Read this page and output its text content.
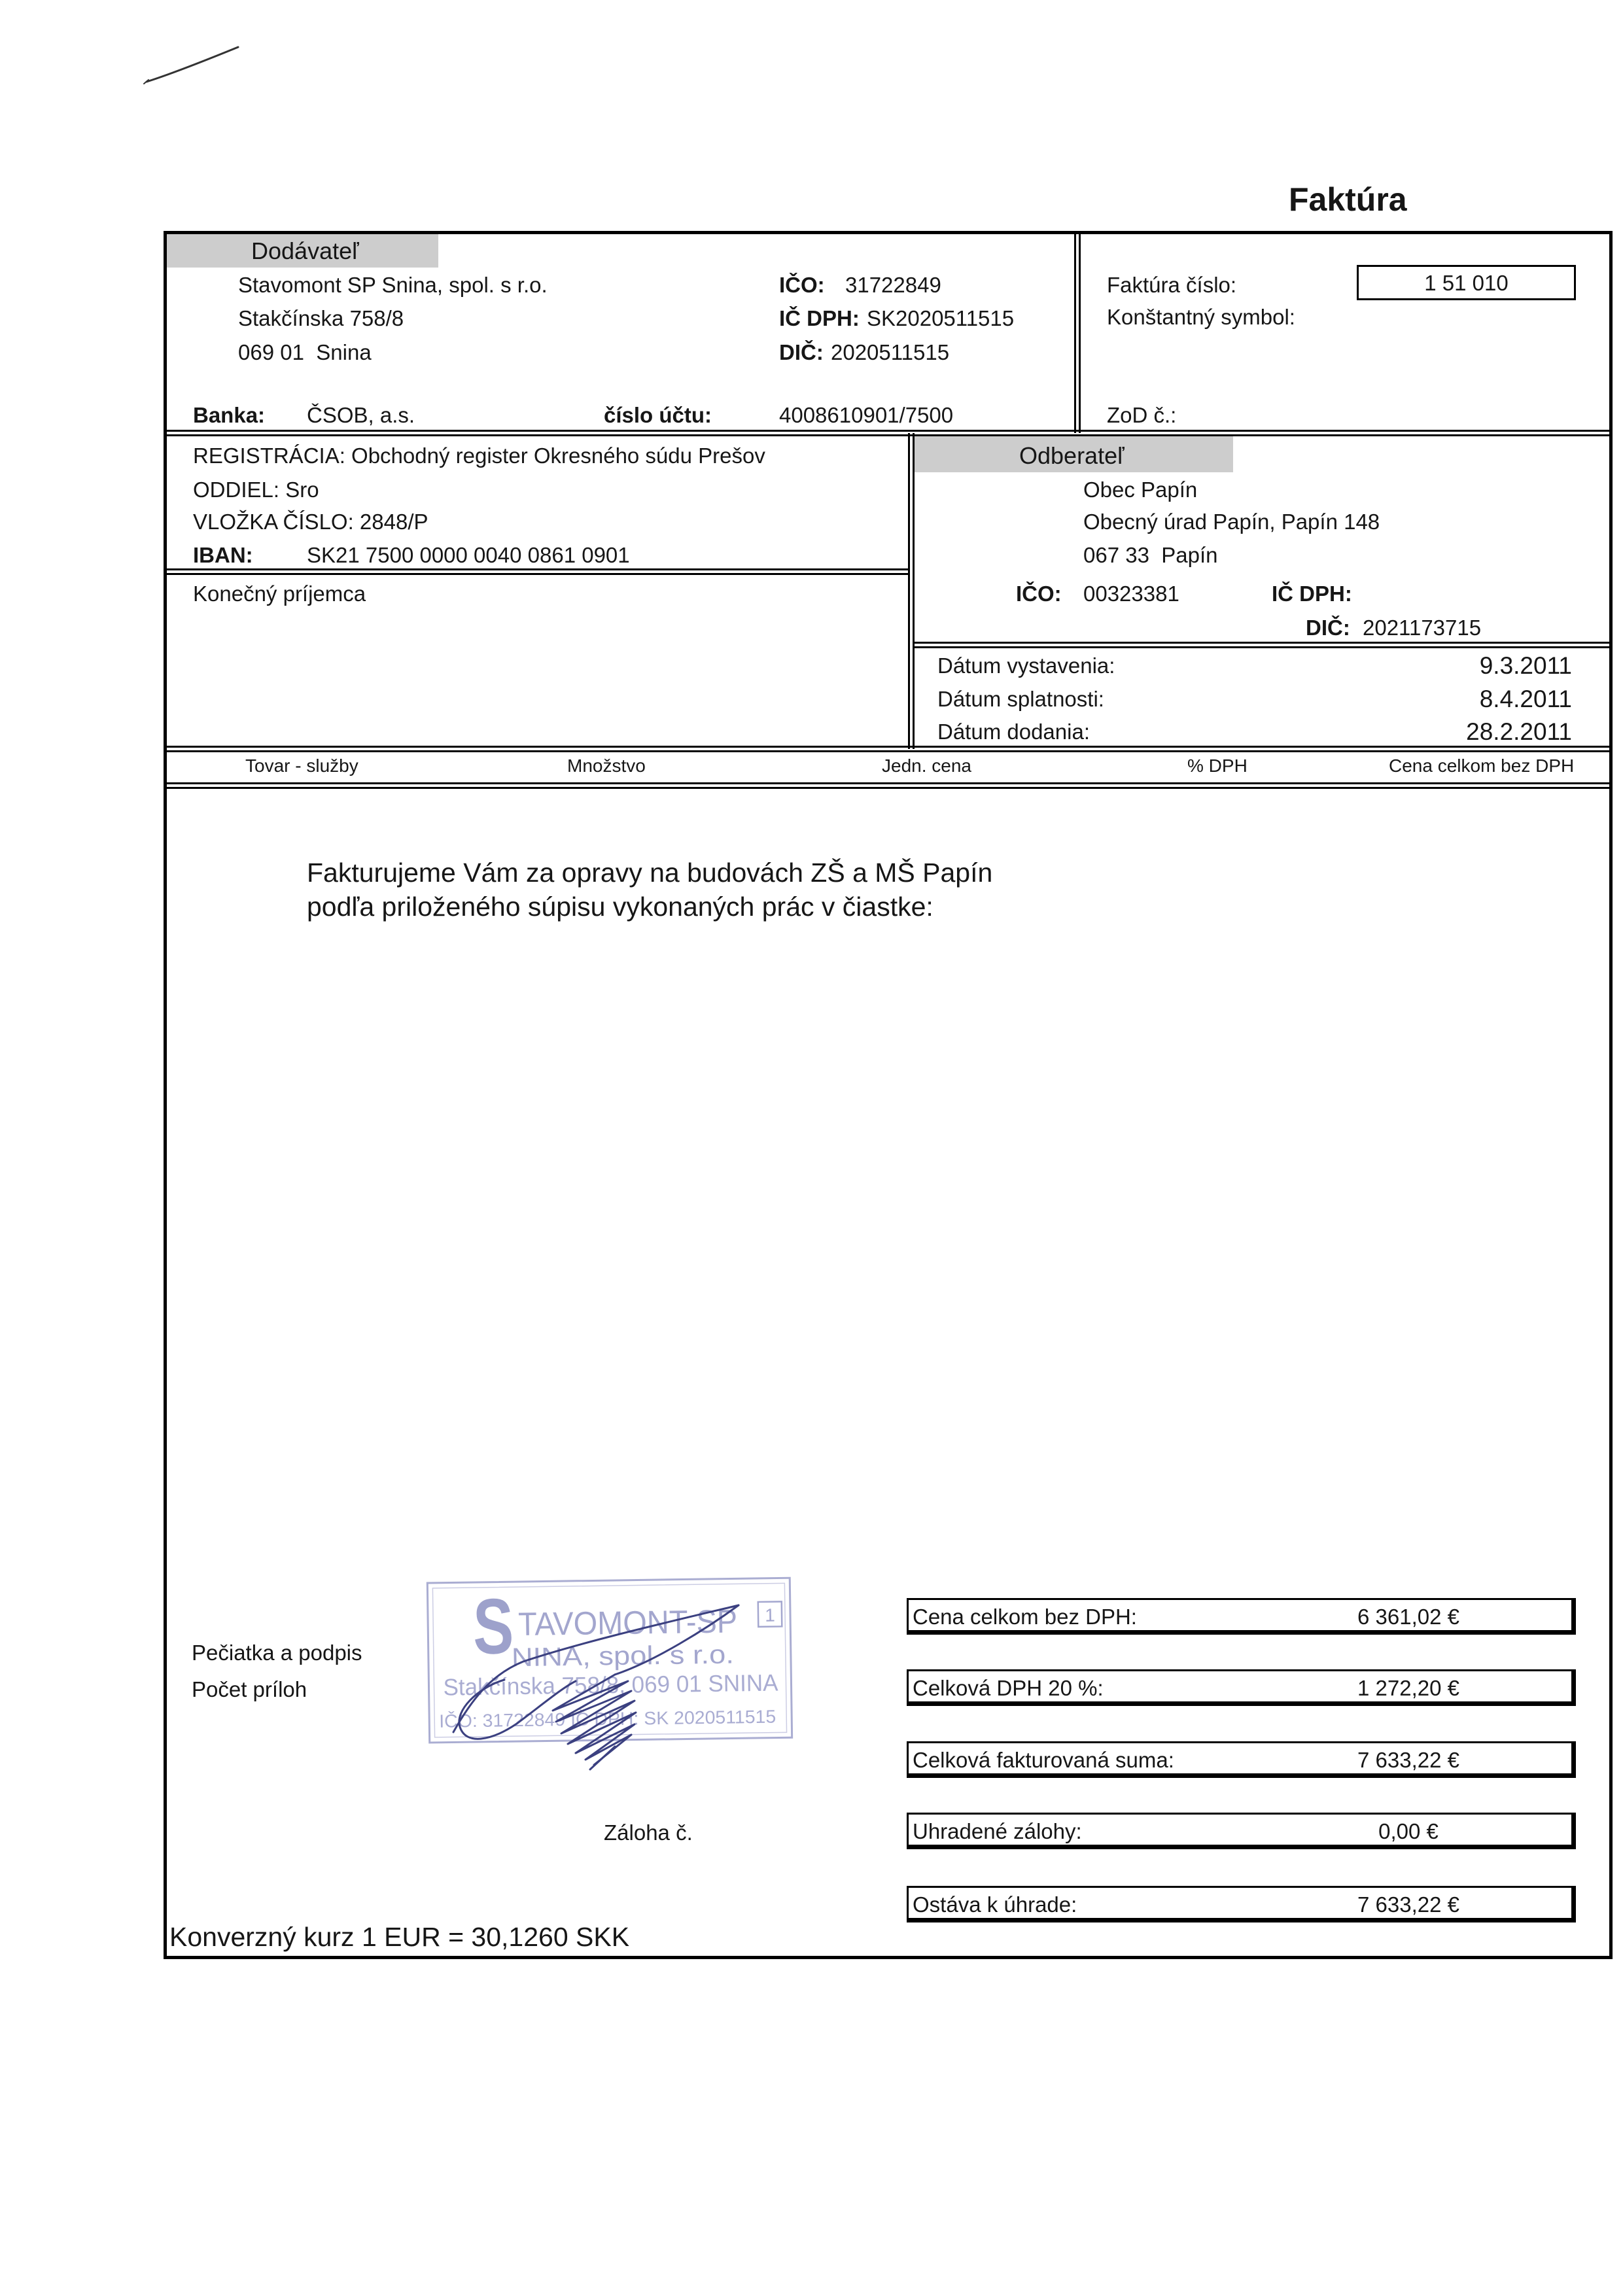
Faktúra
Dodávateľ
Stavomont SP Snina, spol. s r.o.
Stakčínska 758/8
069 01  Snina
IČO: 31722849
IČ DPH: SK2020511515
DIČ: 2020511515
Banka: ČSOB, a.s.	číslo účtu:	4008610901/7500
Faktúra číslo:	1 51 010
Konštantný symbol:
ZoD č.:
REGISTRÁCIA: Obchodný register Okresného súdu Prešov
ODDIEL: Sro
VLOŽKA ČÍSLO: 2848/P
IBAN: SK21 7500 0000 0040 0861 0901
Konečný príjemca
Odberateľ
Obec Papín
Obecný úrad Papín, Papín 148
067 33  Papín
IČO: 00323381	IČ DPH:
DIČ: 2021173715
Dátum vystavenia:	9.3.2011
Dátum splatnosti:	8.4.2011
Dátum dodania:	28.2.2011
Tovar - služby	Množstvo	Jedn. cena	% DPH	Cena celkom bez DPH
Fakturujeme Vám za opravy na budovách ZŠ a MŠ Papín
podľa priloženého súpisu vykonaných prác v čiastke:
Pečiatka a podpis
Počet príloh
Záloha č.
S
TAVOMONT-SP 1
NINA, spol. s r.o.
Stakčínska 758/8, 069 01 SNINA
IČO: 31722849 IČ DPH: SK 2020511515
Cena celkom bez DPH:	6 361,02 €
Celková DPH 20 %:	1 272,20 €
Celková fakturovaná suma:	7 633,22 €
Uhradené zálohy:	0,00 €
Ostáva k úhrade:	7 633,22 €
Konverzný kurz 1 EUR = 30,1260 SKK
